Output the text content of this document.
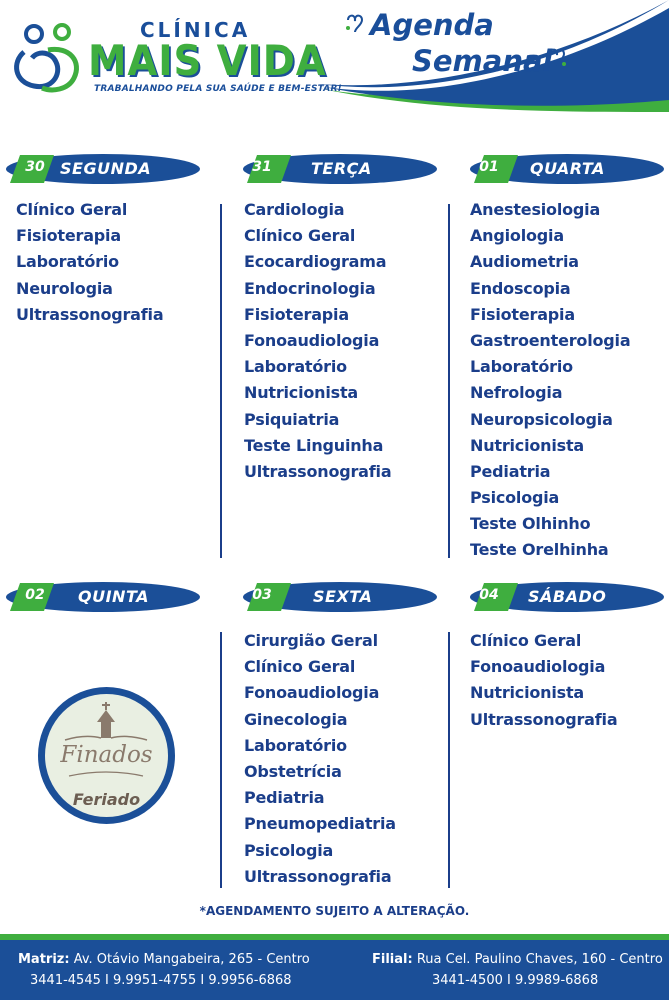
CLÍNICA
MAIS VIDA
TRABALHANDO PELA SUA SAÚDE E BEM-ESTAR!
Agenda
Semanal
30 SEGUNDA
Clínico Geral
Fisioterapia
Laboratório
Neurologia
Ultrassonografia
31	TERÇA
Cardiologia
Clínico Geral
Ecocardiograma
Endocrinologia
Fisioterapia
Fonoaudiologia
Laboratório
Nutricionista
Psiquiatria
Teste Linguinha
Ultrassonografia
01	QUARTA
Anestesiologia
Angiologia
Audiometria
Endoscopia
Fisioterapia
Gastroenterologia
Laboratório
Nefrologia
Neuropsicologia
Nutricionista
Pediatria
Psicologia
Teste Olhinho
Teste Orelhinha
02	QUINTA
Finados
Feriado
03	SEXTA
Cirurgião Geral
Clínico Geral
Fonoaudiologia
Ginecologia
Laboratório
Obstetrícia
Pediatria
Pneumopediatria
Psicologia
Ultrassonografia
04	SÁBADO
Clínico Geral
Fonoaudiologia
Nutricionista
Ultrassonografia
*AGENDAMENTO SUJEITO A ALTERAÇÃO.
Matriz: Av. Otávio Mangabeira, 265 - Centro
3441-4545 I 9.9951-4755 I 9.9956-6868
Filial: Rua Cel. Paulino Chaves, 160 - Centro
3441-4500 I 9.9989-6868
